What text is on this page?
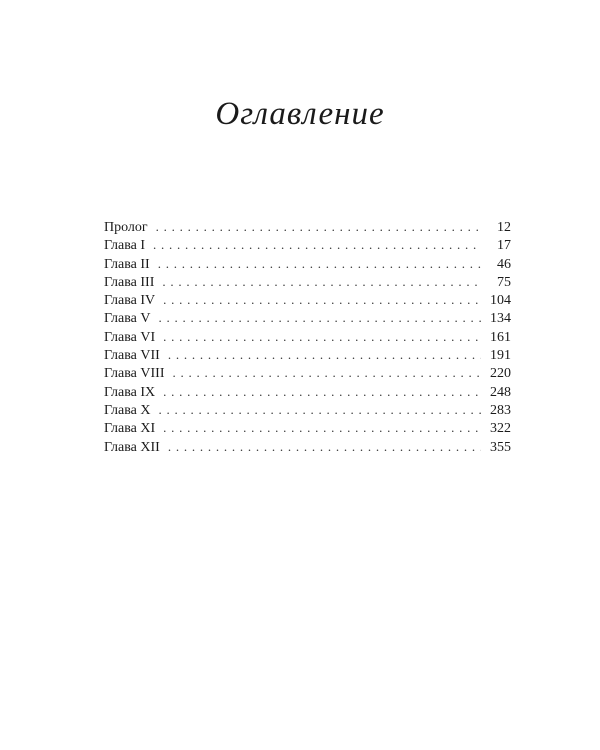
Оглавление
Пролог . . .	12
Глава I . . .	17
Глава II . . .	46
Глава III . . .	75
Глава IV . . .	104
Глава V . . .	134
Глава VI . . .	161
Глава VII . . .	191
Глава VIII . . .	220
Глава IX . . .	248
Глава X . . .	283
Глава XI . . .	322
Глава XII . . .	355
